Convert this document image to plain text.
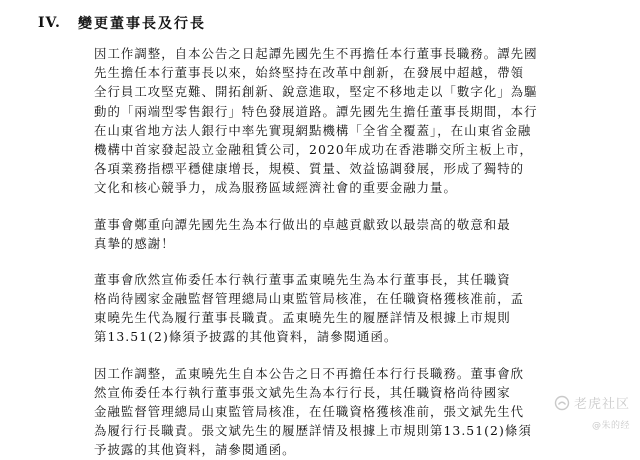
IV.	變更董事長及行長

因工作調整，自本公告之日起譚先國先生不再擔任本行董事長職務。譚先國
先生擔任本行董事長以來，始終堅持在改革中創新，在發展中超越，帶領
全行員工攻堅克難、開拓創新、銳意進取，堅定不移地走以「數字化」為驅
動的「兩端型零售銀行」特色發展道路。譚先國先生擔任董事長期間，本行
在山東省地方法人銀行中率先實現網點機構「全省全覆蓋」，在山東省金融
機構中首家發起設立金融租賃公司，2020年成功在香港聯交所主板上市，
各項業務指標平穩健康增長，規模、質量、效益協調發展，形成了獨特的
文化和核心競爭力，成為服務區域經濟社會的重要金融力量。

董事會鄭重向譚先國先生為本行做出的卓越貢獻致以最崇高的敬意和最
真摯的感謝！

董事會欣然宣佈委任本行執行董事孟東曉先生為本行董事長，其任職資
格尚待國家金融監督管理總局山東監管局核准，在任職資格獲核准前，孟
東曉先生代為履行董事長職責。孟東曉先生的履歷詳情及根據上市規則
第13.51(2)條須予披露的其他資料，請參閱通函。

因工作調整，孟東曉先生自本公告之日不再擔任本行行長職務。董事會欣
然宣佈委任本行執行董事張文斌先生為本行行長，其任職資格尚待國家
金融監督管理總局山東監管局核准，在任職資格獲核准前，張文斌先生代
為履行行長職責。張文斌先生的履歷詳情及根據上市規則第13.51(2)條須
予披露的其他資料，請參閱通函。

老虎社区
@朱的经
